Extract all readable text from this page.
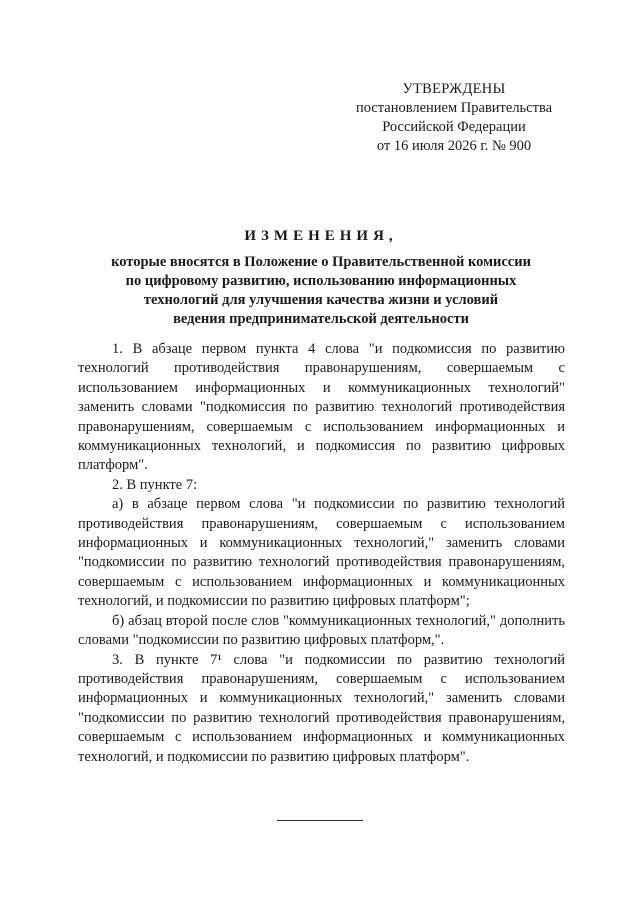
УТВЕРЖДЕНЫ
постановлением Правительства
Российской Федерации
от 16 июля 2026 г. № 900
ИЗМЕНЕНИЯ,
которые вносятся в Положение о Правительственной комиссии
по цифровому развитию, использованию информационных
технологий для улучшения качества жизни и условий
ведения предпринимательской деятельности

1. В абзаце первом пункта 4 слова "и подкомиссия по развитию технологий противодействия правонарушениям, совершаемым с использованием информационных и коммуникационных технологий" заменить словами "подкомиссия по развитию технологий противодействия правонарушениям, совершаемым с использованием информационных и коммуникационных технологий, и подкомиссия по развитию цифровых платформ".

2. В пункте 7:

а) в абзаце первом слова "и подкомиссии по развитию технологий противодействия правонарушениям, совершаемым с использованием информационных и коммуникационных технологий," заменить словами "подкомиссии по развитию технологий противодействия правонарушениям, совершаемым с использованием информационных и коммуникационных технологий, и подкомиссии по развитию цифровых платформ";

б) абзац второй после слов "коммуникационных технологий," дополнить словами "подкомиссии по развитию цифровых платформ,".

3. В пункте 7¹ слова "и подкомиссии по развитию технологий противодействия правонарушениям, совершаемым с использованием информационных и коммуникационных технологий," заменить словами "подкомиссии по развитию технологий противодействия правонарушениям, совершаемым с использованием информационных и коммуникационных технологий, и подкомиссии по развитию цифровых платформ".
